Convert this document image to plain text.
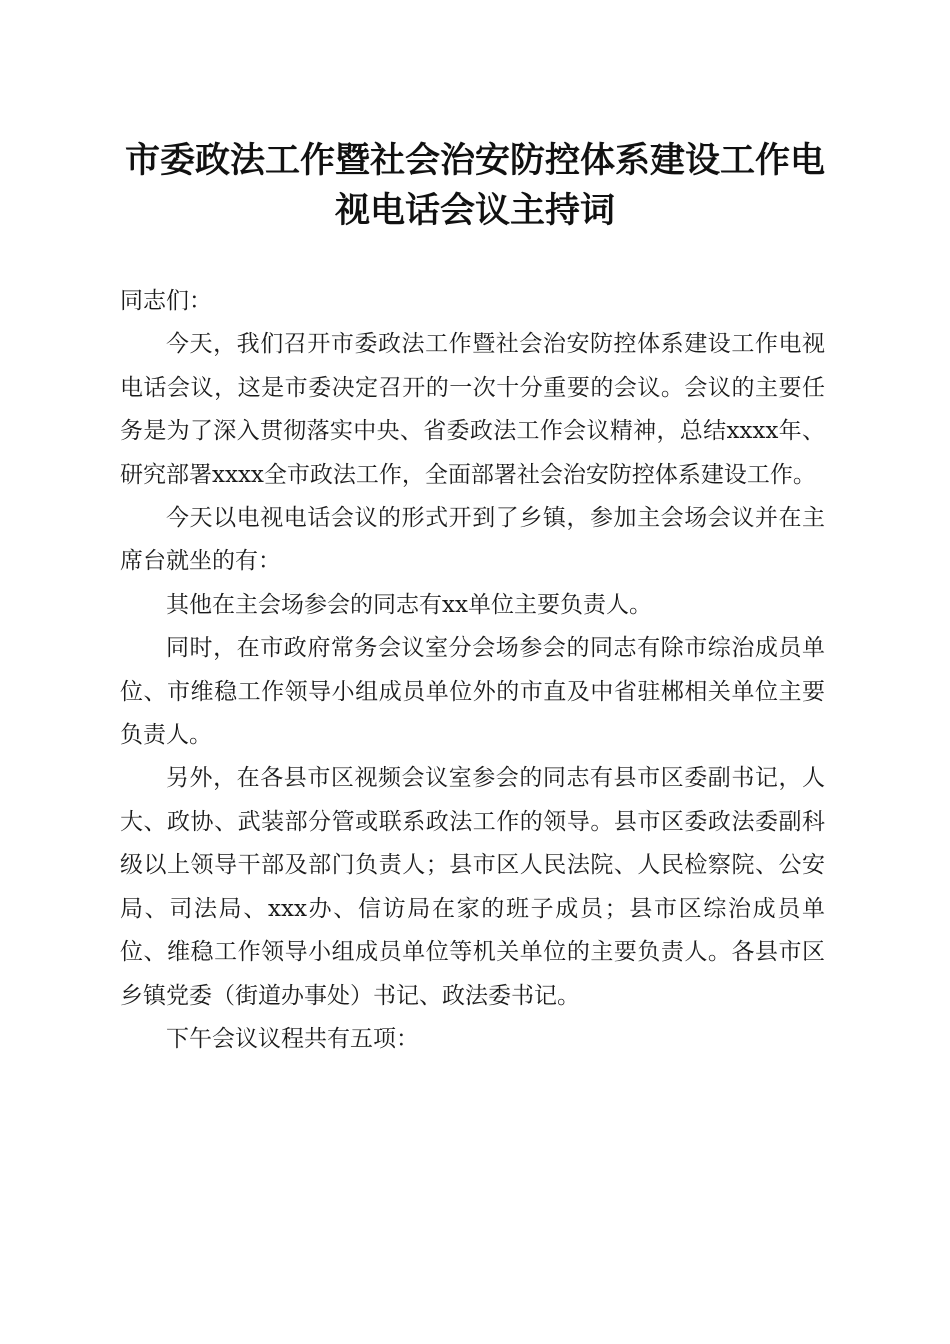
市委政法工作暨社会治安防控体系建设工作电
视电话会议主持词

同志们：

今天，我们召开市委政法工作暨社会治安防控体系建设工作电视电话会议，这是市委决定召开的一次十分重要的会议。会议的主要任务是为了深入贯彻落实中央、省委政法工作会议精神，总结xxxx年、研究部署xxxx全市政法工作，全面部署社会治安防控体系建设工作。

今天以电视电话会议的形式开到了乡镇，参加主会场会议并在主席台就坐的有：

其他在主会场参会的同志有xx单位主要负责人。

同时，在市政府常务会议室分会场参会的同志有除市综治成员单位、市维稳工作领导小组成员单位外的市直及中省驻郴相关单位主要负责人。

另外，在各县市区视频会议室参会的同志有县市区委副书记，人大、政协、武装部分管或联系政法工作的领导。县市区委政法委副科级以上领导干部及部门负责人；县市区人民法院、人民检察院、公安局、司法局、xxx办、信访局在家的班子成员；县市区综治成员单位、维稳工作领导小组成员单位等机关单位的主要负责人。各县市区乡镇党委（街道办事处）书记、政法委书记。

下午会议议程共有五项：
